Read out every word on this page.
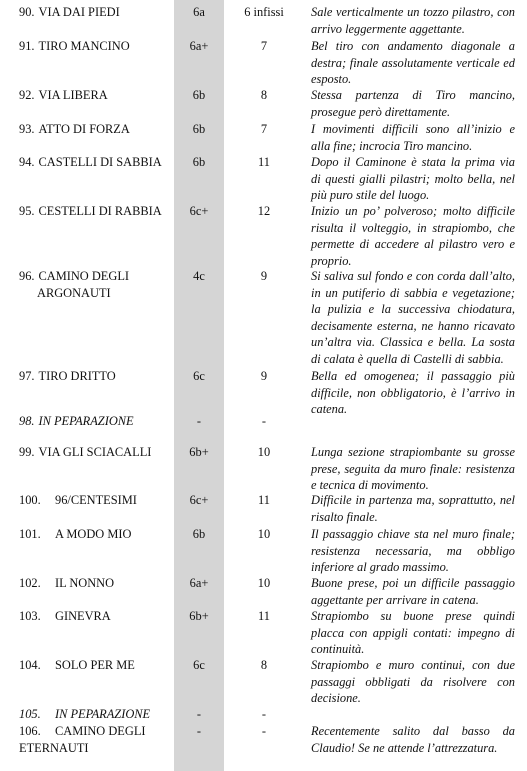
90. VIA DAI PIEDI	6a	6 infissi	Sale verticalmente un tozzo pilastro, con
arrivo leggermente aggettante.
91. TIRO MANCINO	6a+	7	Bel tiro con andamento diagonale a
destra; finale assolutamente verticale ed
esposto.
92. VIA LIBERA	6b	8	Stessa partenza di Tiro mancino,
prosegue però direttamente.
93. ATTO DI FORZA	6b	7	I movimenti difficili sono all’inizio e
alla fine; incrocia Tiro mancino.
94. CASTELLI DI SABBIA	6b	11	Dopo il Caminone è stata la prima via
di questi gialli pilastri; molto bella, nel
più puro stile del luogo.
95. CESTELLI DI RABBIA	6c+	12	Inizio un po’ polveroso; molto difficile
risulta il volteggio, in strapiombo, che
permette di accedere al pilastro vero e
proprio.
96. CAMINO DEGLI
ARGONAUTI
4c	9	Si saliva sul fondo e con corda dall’alto,
in un putiferio di sabbia e vegetazione;
la pulizia e la successiva chiodatura,
decisamente esterna, ne hanno ricavato
un’altra via. Classica e bella. La sosta
di calata è quella di Castelli di sabbia.
97. TIRO DRITTO	6c	9	Bella ed omogenea; il passaggio più
difficile, non obbligatorio, è l’arrivo in
catena.
98. IN PEPARAZIONE	-	-
99. VIA GLI SCIACALLI	6b+	10	Lunga sezione strapiombante su grosse
prese, seguita da muro finale: resistenza
e tecnica di movimento.
100. 96/CENTESIMI	6c+	11	Difficile in partenza ma, soprattutto, nel
risalto finale.
101. A MODO MIO	6b	10	Il passaggio chiave sta nel muro finale;
resistenza necessaria, ma obbligo
inferiore al grado massimo.
102. IL NONNO	6a+	10	Buone prese, poi un difficile passaggio
aggettante per arrivare in catena.
103. GINEVRA	6b+	11	Strapiombo su buone prese quindi
placca con appigli contati: impegno di
continuità.
104. SOLO PER ME	6c	8	Strapiombo e muro continui, con due
passaggi obbligati da risolvere con
decisione.
105. IN PEPARAZIONE	-	-
106. CAMINO DEGLI
ETERNAUTI
-	-	Recentemente salito dal basso da
Claudio! Se ne attende l’attrezzatura.
